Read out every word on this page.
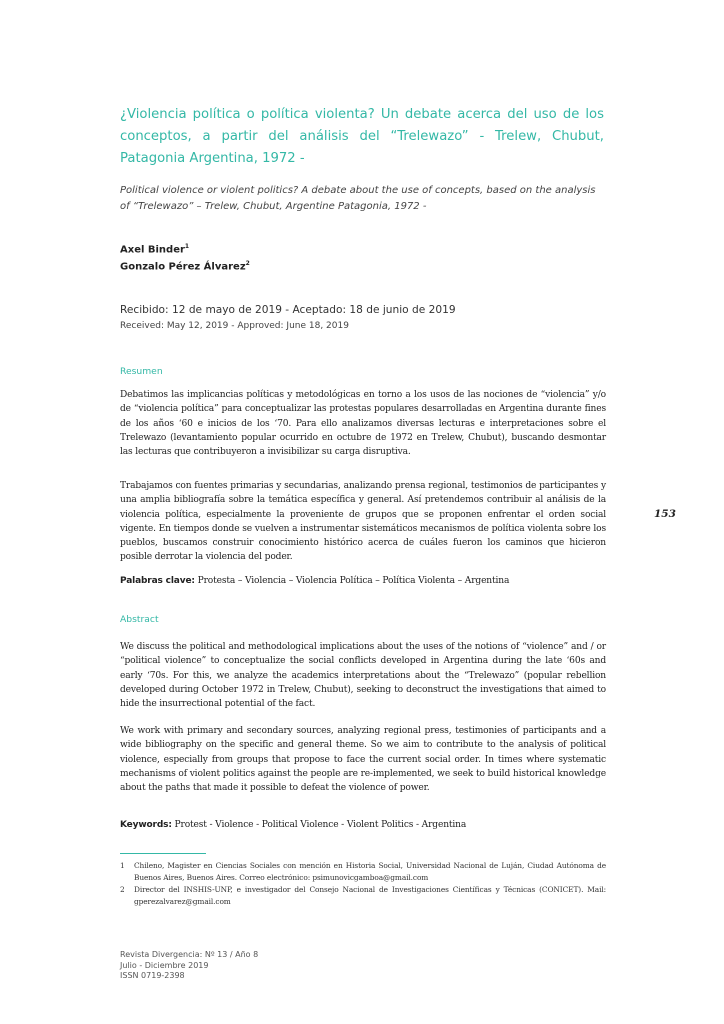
¿Violencia política o política violenta? Un debate acerca del uso de los conceptos, a partir del análisis del “Trelewazo” - Trelew, Chubut, Patagonia Argentina, 1972 -

Political violence or violent politics? A debate about the use of concepts, based on the analysis of “Trelewazo” – Trelew, Chubut, Argentine Patagonia, 1972 -

Axel Binder$^1$
Gonzalo Pérez Álvarez$^2$
Recibido: 12 de mayo de 2019 - Aceptado: 18 de junio de 2019
Received: May 12, 2019 - Approved: June 18, 2019
Resumen

Debatimos las implicancias políticas y metodológicas en torno a los usos de las nociones de “violencia” y/o de “violencia política” para conceptualizar las protestas populares desarrolladas en Argentina durante fines de los años ‘60 e inicios de los ‘70. Para ello analizamos diversas lecturas e interpretaciones sobre el Trelewazo (levantamiento popular ocurrido en octubre de 1972 en Trelew, Chubut), buscando desmontar las lecturas que contribuyeron a invisibilizar su carga disruptiva.

Trabajamos con fuentes primarias y secundarias, analizando prensa regional, testimonios de participantes y una amplia bibliografía sobre la temática específica y general. Así pretendemos contribuir al análisis de la violencia política, especialmente la proveniente de grupos que se proponen enfrentar el orden social vigente. En tiempos donde se vuelven a instrumentar sistemáticos mecanismos de política violenta sobre los pueblos, buscamos construir conocimiento histórico acerca de cuáles fueron los caminos que hicieron posible derrotar la violencia del poder.

Palabras clave: Protesta – Violencia – Violencia Política – Política Violenta – Argentina
153
Abstract

We discuss the political and methodological implications about the uses of the notions of “violence” and / or “political violence” to conceptualize the social conflicts developed in Argentina during the late ‘60s and early ‘70s. For this, we analyze the academics interpretations about the “Trelewazo” (popular rebellion developed during October 1972 in Trelew, Chubut), seeking to deconstruct the investigations that aimed to hide the insurrectional potential of the fact.

We work with primary and secondary sources, analyzing regional press, testimonies of participants and a wide bibliography on the specific and general theme. So we aim to contribute to the analysis of political violence, especially from groups that propose to face the current social order. In times where systematic mechanisms of violent politics against the people are re-implemented, we seek to build historical knowledge about the paths that made it possible to defeat the violence of power.

Keywords: Protest - Violence - Political Violence - Violent Politics - Argentina
1 Chileno, Magister en Ciencias Sociales con mención en Historia Social, Universidad Nacional de Luján, Ciudad Autónoma de Buenos Aires, Buenos Aires. Correo electrónico: psimunovicgamboa@gmail.com
2 Director del INSHIS-UNP, e investigador del Consejo Nacional de Investigaciones Científicas y Técnicas (CONICET). Mail: gperezalvarez@gmail.com
Revista Divergencia: Nº 13 / Año 8
Julio - Diciembre 2019
ISSN 0719-2398
